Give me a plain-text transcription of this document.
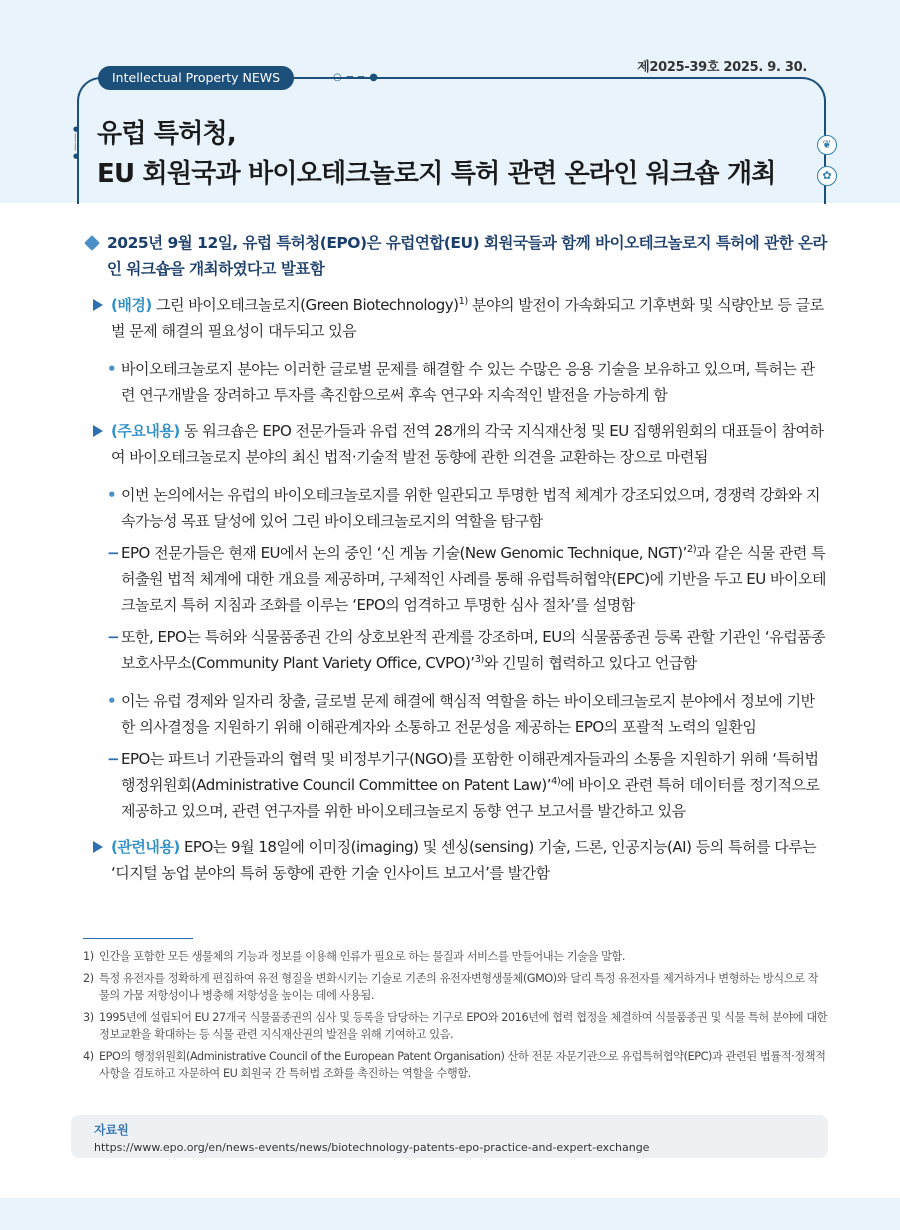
제2025-39호 2025. 9. 30.
Intellectual Property NEWS	○ ─ ─ ●
●
│
│
●
유럽 특허청,
EU 회원국과 바이오테크놀로지 특허 관련 온라인 워크숍 개최
❦
✿
2025년 9월 12일, 유럽 특허청(EPO)은 유럽연합(EU) 회원국들과 함께 바이오테크놀로지 특허에 관한 온라인 워크숍을 개최하였다고 발표함
(배경) 그린 바이오테크놀로지(Green Biotechnology)$^{1)}$ 분야의 발전이 가속화되고 기후변화 및 식량안보 등 글로벌 문제 해결의 필요성이 대두되고 있음
• 바이오테크놀로지 분야는 이러한 글로벌 문제를 해결할 수 있는 수많은 응용 기술을 보유하고 있으며, 특허는 관련 연구개발을 장려하고 투자를 촉진함으로써 후속 연구와 지속적인 발전을 가능하게 함
(주요내용) 동 워크숍은 EPO 전문가들과 유럽 전역 28개의 각국 지식재산청 및 EU 집행위원회의 대표들이 참여하여 바이오테크놀로지 분야의 최신 법적·기술적 발전 동향에 관한 의견을 교환하는 장으로 마련됨
• 이번 논의에서는 유럽의 바이오테크놀로지를 위한 일관되고 투명한 법적 체계가 강조되었으며, 경쟁력 강화와 지속가능성 목표 달성에 있어 그린 바이오테크놀로지의 역할을 탐구함
− EPO 전문가들은 현재 EU에서 논의 중인 ‘신 게놈 기술(New Genomic Technique, NGT)’$^{2)}$과 같은 식물 관련 특허출원 법적 체계에 대한 개요를 제공하며, 구체적인 사례를 통해 유럽특허협약(EPC)에 기반을 두고 EU 바이오테크놀로지 특허 지침과 조화를 이루는 ‘EPO의 엄격하고 투명한 심사 절차’를 설명함
− 또한, EPO는 특허와 식물품종권 간의 상호보완적 관계를 강조하며, EU의 식물품종권 등록 관할 기관인 ‘유럽품종보호사무소(Community Plant Variety Office, CVPO)’$^{3)}$와 긴밀히 협력하고 있다고 언급함
• 이는 유럽 경제와 일자리 창출, 글로벌 문제 해결에 핵심적 역할을 하는 바이오테크놀로지 분야에서 정보에 기반한 의사결정을 지원하기 위해 이해관계자와 소통하고 전문성을 제공하는 EPO의 포괄적 노력의 일환임
− EPO는 파트너 기관들과의 협력 및 비정부기구(NGO)를 포함한 이해관계자들과의 소통을 지원하기 위해 ‘특허법 행정위원회(Administrative Council Committee on Patent Law)’$^{4)}$에 바이오 관련 특허 데이터를 정기적으로 제공하고 있으며, 관련 연구자를 위한 바이오테크놀로지 동향 연구 보고서를 발간하고 있음
(관련내용) EPO는 9월 18일에 이미징(imaging) 및 센싱(sensing) 기술, 드론, 인공지능(AI) 등의 특허를 다루는 ‘디지털 농업 분야의 특허 동향에 관한 기술 인사이트 보고서’를 발간함
1) 인간을 포함한 모든 생물체의 기능과 정보를 이용해 인류가 필요로 하는 물질과 서비스를 만들어내는 기술을 말함.
2) 특정 유전자를 정확하게 편집하여 유전 형질을 변화시키는 기술로 기존의 유전자변형생물체(GMO)와 달리 특정 유전자를 제거하거나 변형하는 방식으로 작물의 가뭄 저항성이나 병충해 저항성을 높이는 데에 사용됨.
3) 1995년에 설립되어 EU 27개국 식물품종권의 심사 및 등록을 담당하는 기구로 EPO와 2016년에 협력 협정을 체결하여 식물품종권 및 식물 특허 분야에 대한 정보교환을 확대하는 등 식물 관련 지식재산권의 발전을 위해 기여하고 있음.
4) EPO의 행정위원회(Administrative Council of the European Patent Organisation) 산하 전문 자문기관으로 유럽특허협약(EPC)과 관련된 법률적·정책적 사항을 검토하고 자문하여 EU 회원국 간 특허법 조화를 촉진하는 역할을 수행함.
자료원
https://www.epo.org/en/news-events/news/biotechnology-patents-epo-practice-and-expert-exchange
